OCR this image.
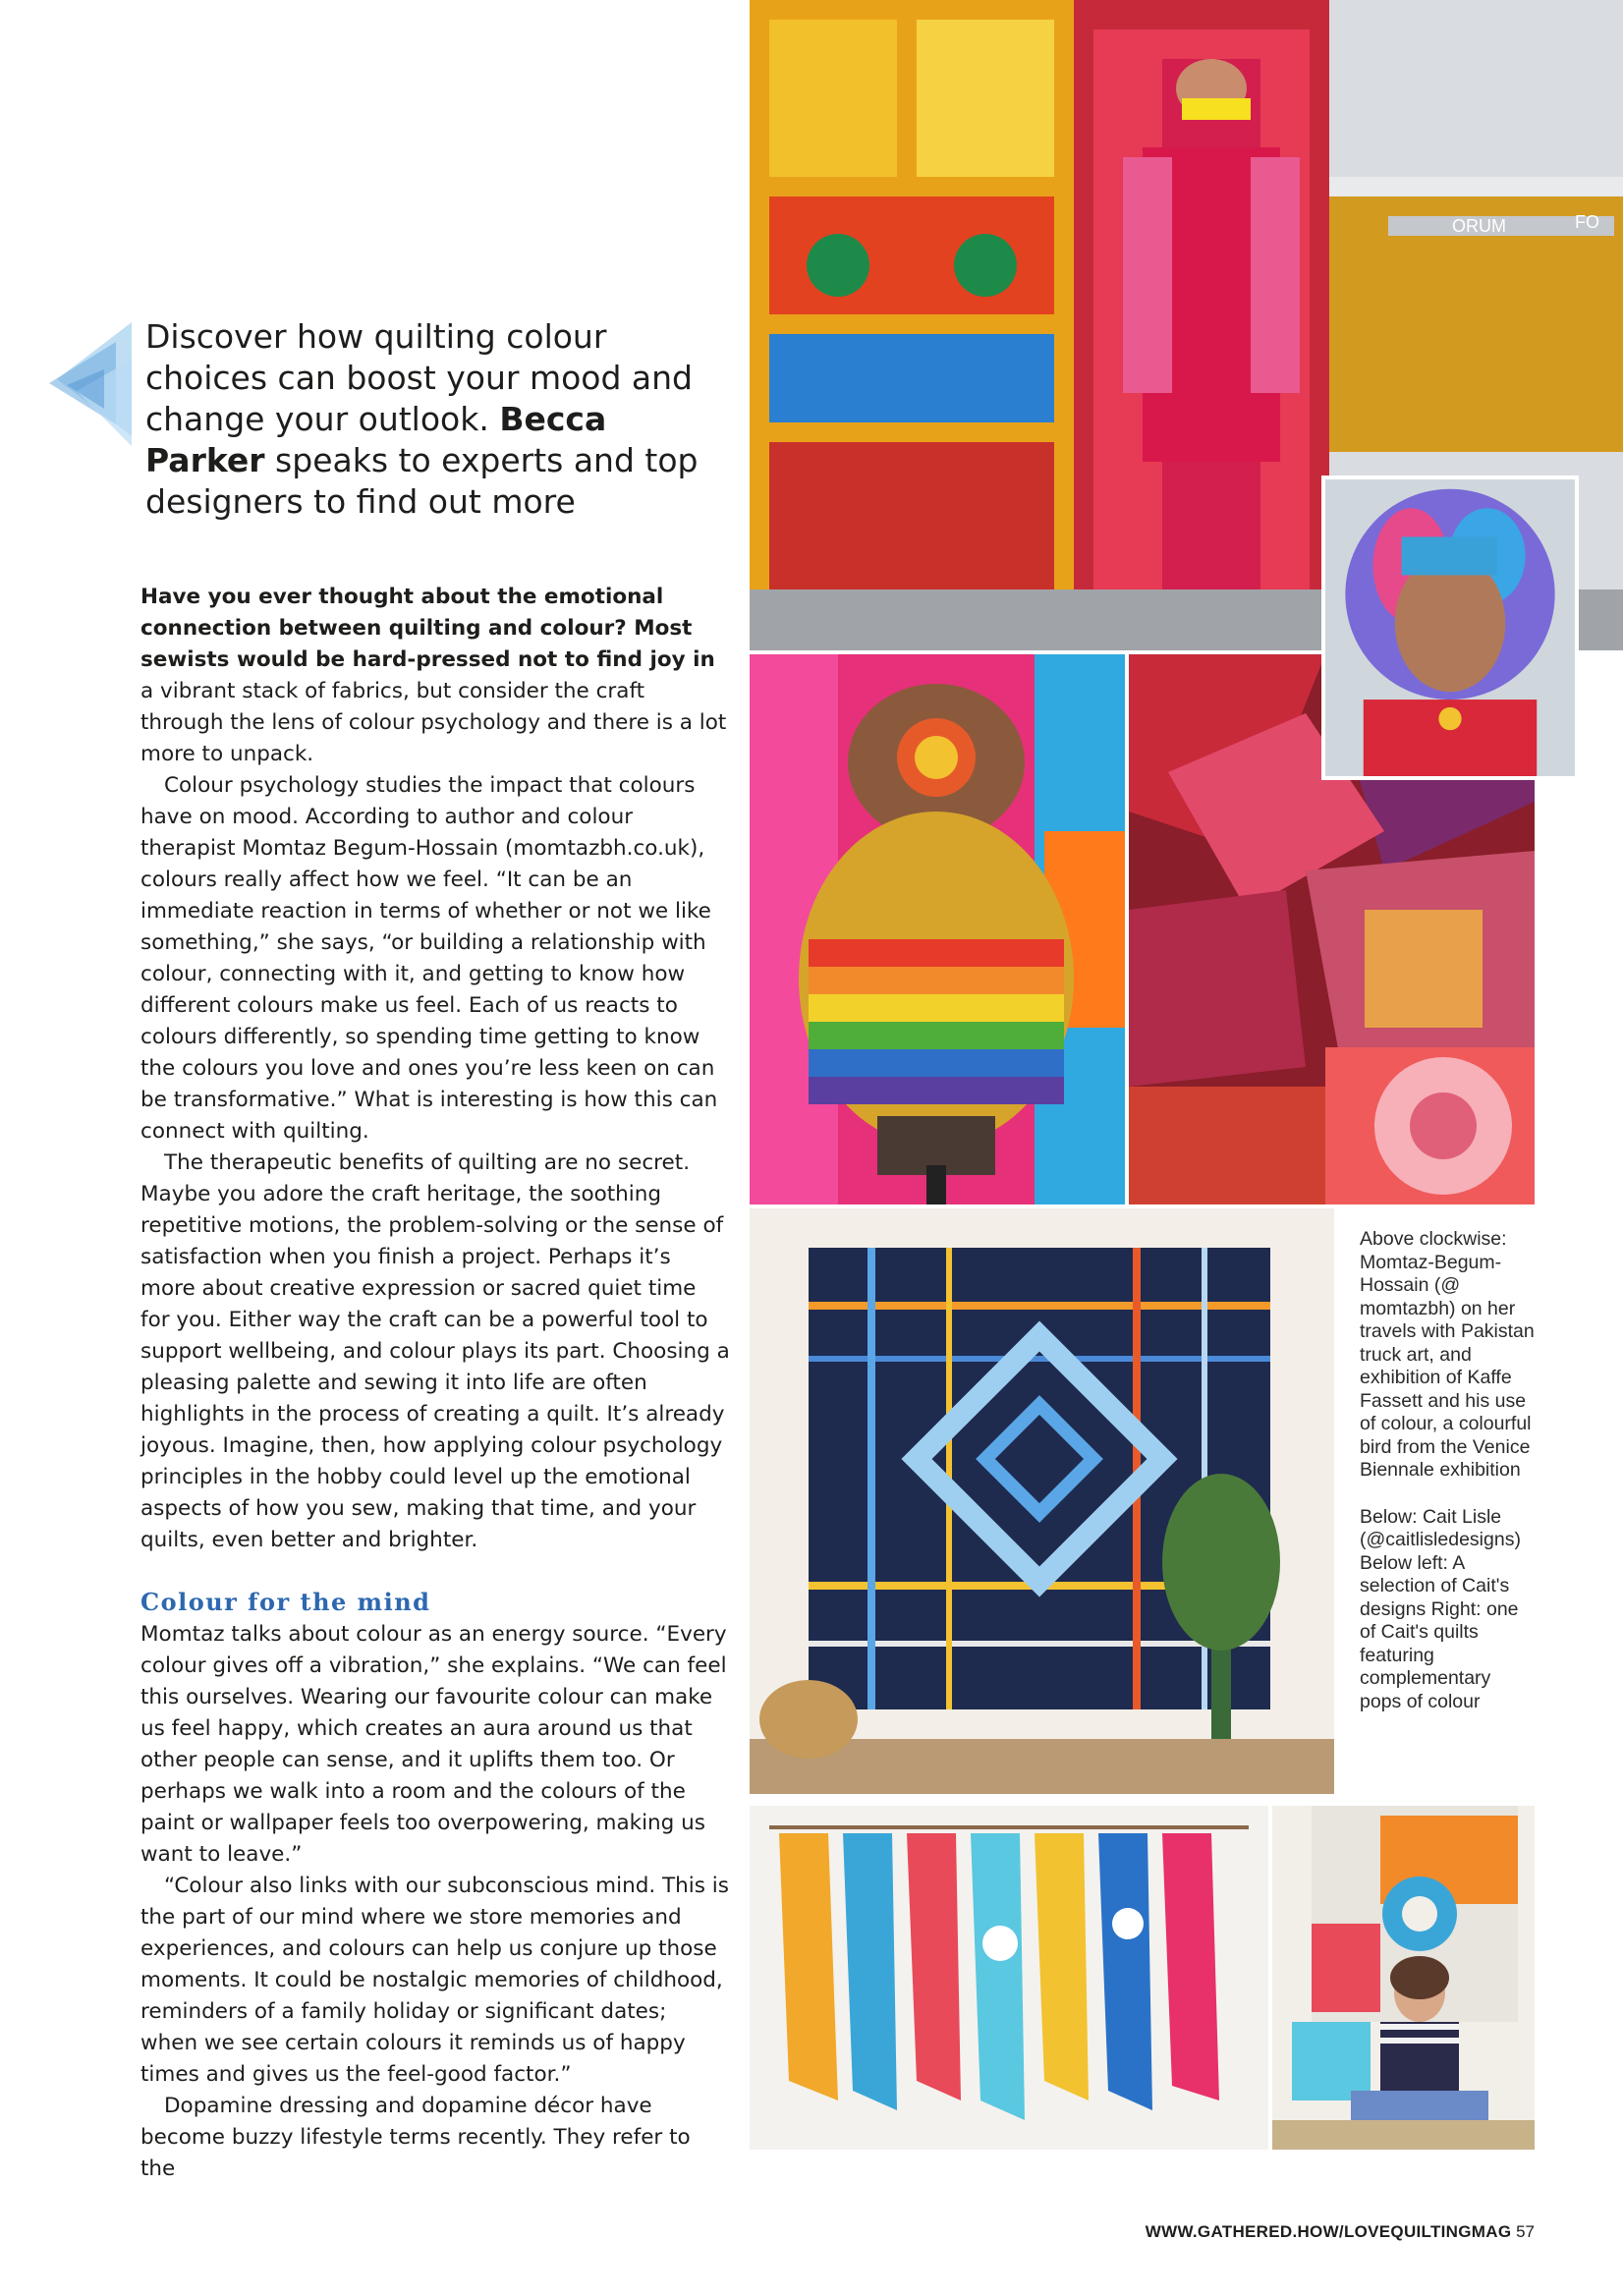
Discover how quilting colour choices can boost your mood and change your outlook. Becca Parker speaks to experts and top designers to find out more

Have you ever thought about the emotional connection between quilting and colour? Most sewists would be hard-pressed not to find joy in a vibrant stack of fabrics, but consider the craft through the lens of colour psychology and there is a lot more to unpack.

Colour psychology studies the impact that colours have on mood. According to author and colour therapist Momtaz Begum-Hossain (momtazbh.co.uk), colours really affect how we feel. “It can be an immediate reaction in terms of whether or not we like something,” she says, “or building a relationship with colour, connecting with it, and getting to know how different colours make us feel. Each of us reacts to colours differently, so spending time getting to know the colours you love and ones you’re less keen on can be transformative.” What is interesting is how this can connect with quilting.

The therapeutic benefits of quilting are no secret. Maybe you adore the craft heritage, the soothing repetitive motions, the problem-solving or the sense of satisfaction when you finish a project. Perhaps it’s more about creative expression or sacred quiet time for you. Either way the craft can be a powerful tool to support wellbeing, and colour plays its part. Choosing a pleasing palette and sewing it into life are often highlights in the process of creating a quilt. It’s already joyous. Imagine, then, how applying colour psychology principles in the hobby could level up the emotional aspects of how you sew, making that time, and your quilts, even better and brighter.

Colour for the mind

Momtaz talks about colour as an energy source. “Every colour gives off a vibration,” she explains. “We can feel this ourselves. Wearing our favourite colour can make us feel happy, which creates an aura around us that other people can sense, and it uplifts them too. Or perhaps we walk into a room and the colours of the paint or wallpaper feels too overpowering, making us want to leave.”

“Colour also links with our subconscious mind. This is the part of our mind where we store memories and experiences, and colours can help us conjure up those moments. It could be nostalgic memories of childhood, reminders of a family holiday or significant dates; when we see certain colours it reminds us of happy times and gives us the feel-good factor.”

Dopamine dressing and dopamine décor have become buzzy lifestyle terms recently. They refer to the

ORUM	FO

Above clockwise: Momtaz-Begum-Hossain (@ momtazbh) on her travels with Pakistan truck art, and exhibition of Kaffe Fassett and his use of colour, a colourful bird from the Venice Biennale exhibition

Below: Cait Lisle (@caitlisledesigns) Below left: A selection of Cait's designs Right: one of Cait's quilts featuring complementary pops of colour

WWW.GATHERED.HOW/LOVEQUILTINGMAG 57
